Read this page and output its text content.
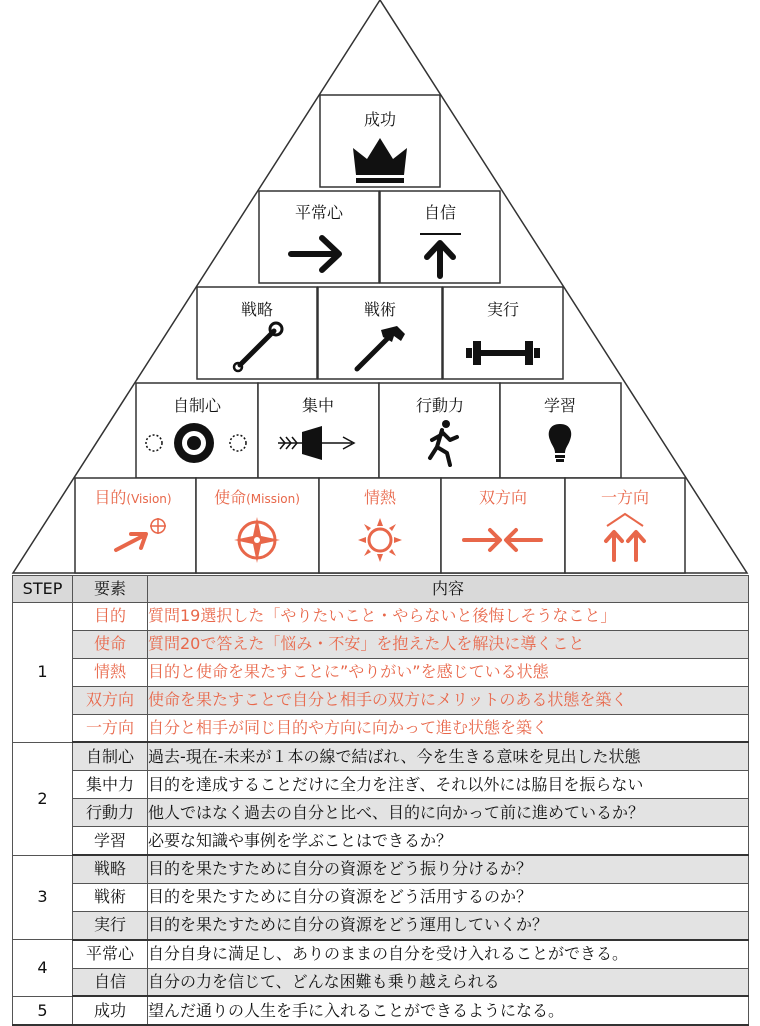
成功
平常心	自信
戦略	戦術	実行
自制心	集中	行動力	学習
目的(Vision)	使命(Mission)	情熱	双方向	一方向
STEP	要素	内容
1	目的	質問19選択した「やりたいこと・やらないと後悔しそうなこと」
	使命	質問20で答えた「悩み・不安」を抱えた人を解決に導くこと
	情熱	目的と使命を果たすことに”やりがい”を感じている状態
	双方向	使命を果たすことで自分と相手の双方にメリットのある状態を築く
	一方向	自分と相手が同じ目的や方向に向かって進む状態を築く
2	自制心	過去-現在-未来が１本の線で結ばれ、今を生きる意味を見出した状態
	集中力	目的を達成することだけに全力を注ぎ、それ以外には脇目を振らない
	行動力	他人ではなく過去の自分と比べ、目的に向かって前に進めているか？
	学習	必要な知識や事例を学ぶことはできるか？
3	戦略	目的を果たすために自分の資源をどう振り分けるか？
	戦術	目的を果たすために自分の資源をどう活用するのか？
	実行	目的を果たすために自分の資源をどう運用していくか？
4	平常心	自分自身に満足し、ありのままの自分を受け入れることができる。
	自信	自分の力を信じて、どんな困難も乗り越えられる
5	成功	望んだ通りの人生を手に入れることができるようになる。
